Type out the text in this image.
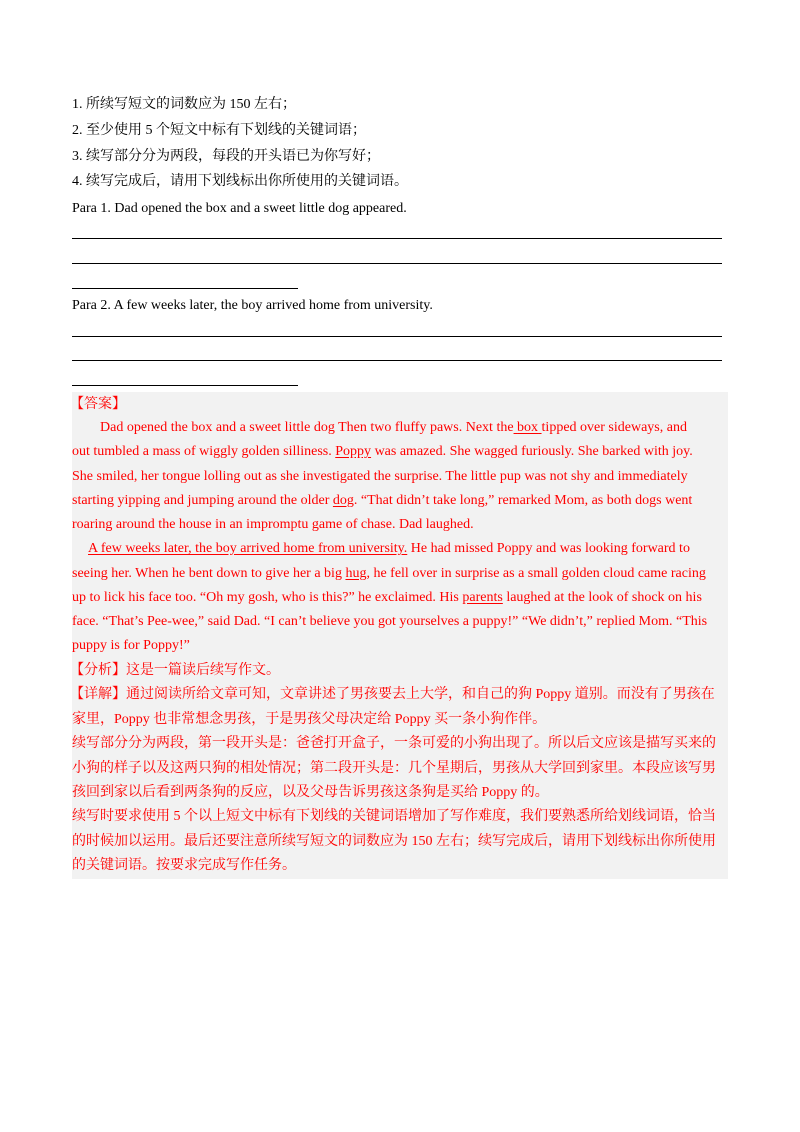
1. 所续写短文的词数应为 150 左右；
2. 至少使用 5 个短文中标有下划线的关键词语；
3. 续写部分分为两段，每段的开头语已为你写好；
4. 续写完成后，请用下划线标出你所使用的关键词语。
Para 1. Dad opened the box and a sweet little dog appeared.
Para 2. A few weeks later, the boy arrived home from university.
【答案】
Dad opened the box and a sweet little dog Then two fluffy paws. Next the box tipped over sideways, and
out tumbled a mass of wiggly golden silliness. Poppy was amazed. She wagged furiously. She barked with joy.
She smiled, her tongue lolling out as she investigated the surprise. The little pup was not shy and immediately
starting yipping and jumping around the older dog. “That didn’t take long,” remarked Mom, as both dogs went
roaring around the house in an impromptu game of chase. Dad laughed.
A few weeks later, the boy arrived home from university. He had missed Poppy and was looking forward to
seeing her. When he bent down to give her a big hug, he fell over in surprise as a small golden cloud came racing
up to lick his face too. “Oh my gosh, who is this?” he exclaimed. His parents laughed at the look of shock on his
face. “That’s Pee-wee,” said Dad. “I can’t believe you got yourselves a puppy!” “We didn’t,” replied Mom. “This
puppy is for Poppy!”
【分析】这是一篇读后续写作文。
【详解】通过阅读所给文章可知，文章讲述了男孩要去上大学，和自己的狗 Poppy 道别。而没有了男孩在
家里，Poppy 也非常想念男孩，于是男孩父母决定给 Poppy 买一条小狗作伴。
续写部分分为两段，第一段开头是：爸爸打开盒子，一条可爱的小狗出现了。所以后文应该是描写买来的
小狗的样子以及这两只狗的相处情况；第二段开头是：几个星期后，男孩从大学回到家里。本段应该写男
孩回到家以后看到两条狗的反应，以及父母告诉男孩这条狗是买给 Poppy 的。
续写时要求使用 5 个以上短文中标有下划线的关键词语增加了写作难度，我们要熟悉所给划线词语，恰当
的时候加以运用。最后还要注意所续写短文的词数应为 150 左右；续写完成后，请用下划线标出你所使用
的关键词语。按要求完成写作任务。
